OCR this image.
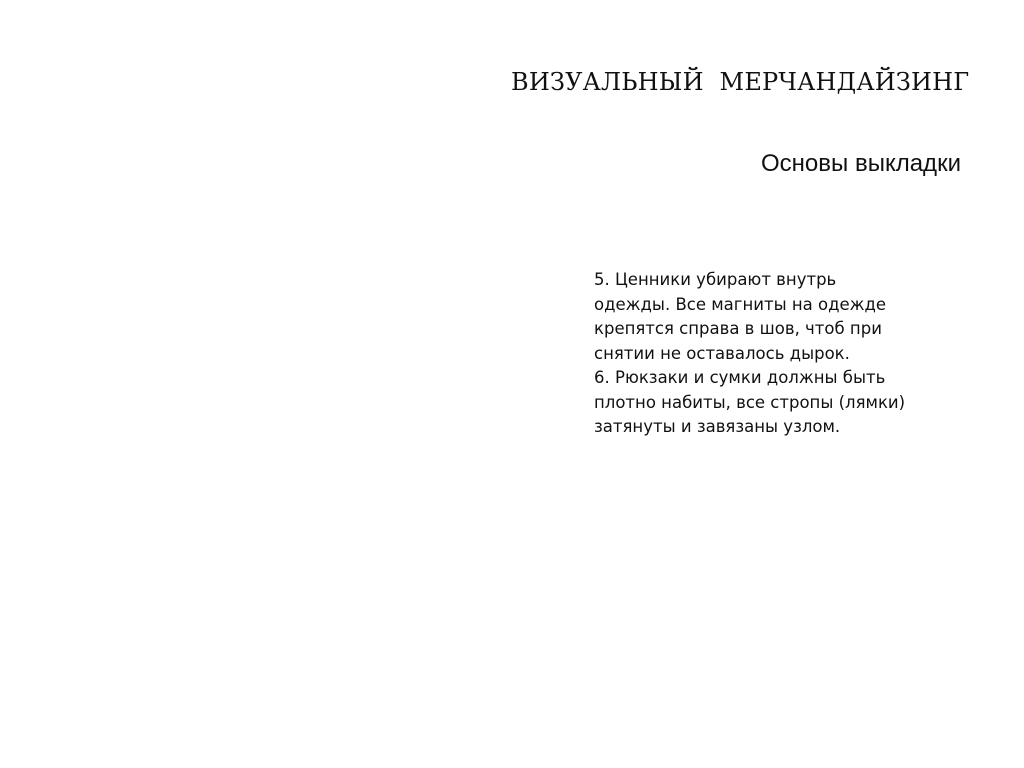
ВИЗУАЛЬНЫЙ МЕРЧАНДАЙЗИНГ
Основы выкладки

5. Ценники убирают внутрь
одежды. Все магниты на одежде
крепятся справа в шов, чтоб при
снятии не оставалось дырок.

6. Рюкзаки и сумки должны быть
плотно набиты, все стропы (лямки)
затянуты и завязаны узлом.
